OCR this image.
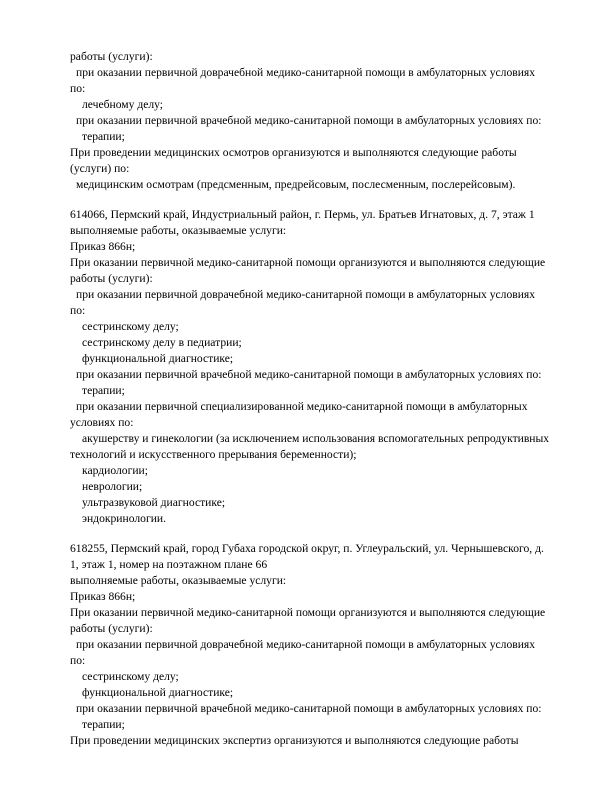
работы (услуги):
при оказании первичной доврачебной медико-санитарной помощи в амбулаторных условиях
по:
лечебному делу;
при оказании первичной врачебной медико-санитарной помощи в амбулаторных условиях по:
терапии;
При проведении медицинских осмотров организуются и выполняются следующие работы
(услуги) по:
медицинским осмотрам (предсменным, предрейсовым, послесменным, послерейсовым).
614066, Пермский край, Индустриальный район, г. Пермь, ул. Братьев Игнатовых, д. 7, этаж 1
выполняемые работы, оказываемые услуги:
Приказ 866н;
При оказании первичной медико-санитарной помощи организуются и выполняются следующие
работы (услуги):
при оказании первичной доврачебной медико-санитарной помощи в амбулаторных условиях
по:
сестринскому делу;
сестринскому делу в педиатрии;
функциональной диагностике;
при оказании первичной врачебной медико-санитарной помощи в амбулаторных условиях по:
терапии;
при оказании первичной специализированной медико-санитарной помощи в амбулаторных
условиях по:
акушерству и гинекологии (за исключением использования вспомогательных репродуктивных
технологий и искусственного прерывания беременности);
кардиологии;
неврологии;
ультразвуковой диагностике;
эндокринологии.
618255, Пермский край, город Губаха городской округ, п. Углеуральский, ул. Чернышевского, д.
1, этаж 1, номер на поэтажном плане 66
выполняемые работы, оказываемые услуги:
Приказ 866н;
При оказании первичной медико-санитарной помощи организуются и выполняются следующие
работы (услуги):
при оказании первичной доврачебной медико-санитарной помощи в амбулаторных условиях
по:
сестринскому делу;
функциональной диагностике;
при оказании первичной врачебной медико-санитарной помощи в амбулаторных условиях по:
терапии;
При проведении медицинских экспертиз организуются и выполняются следующие работы
